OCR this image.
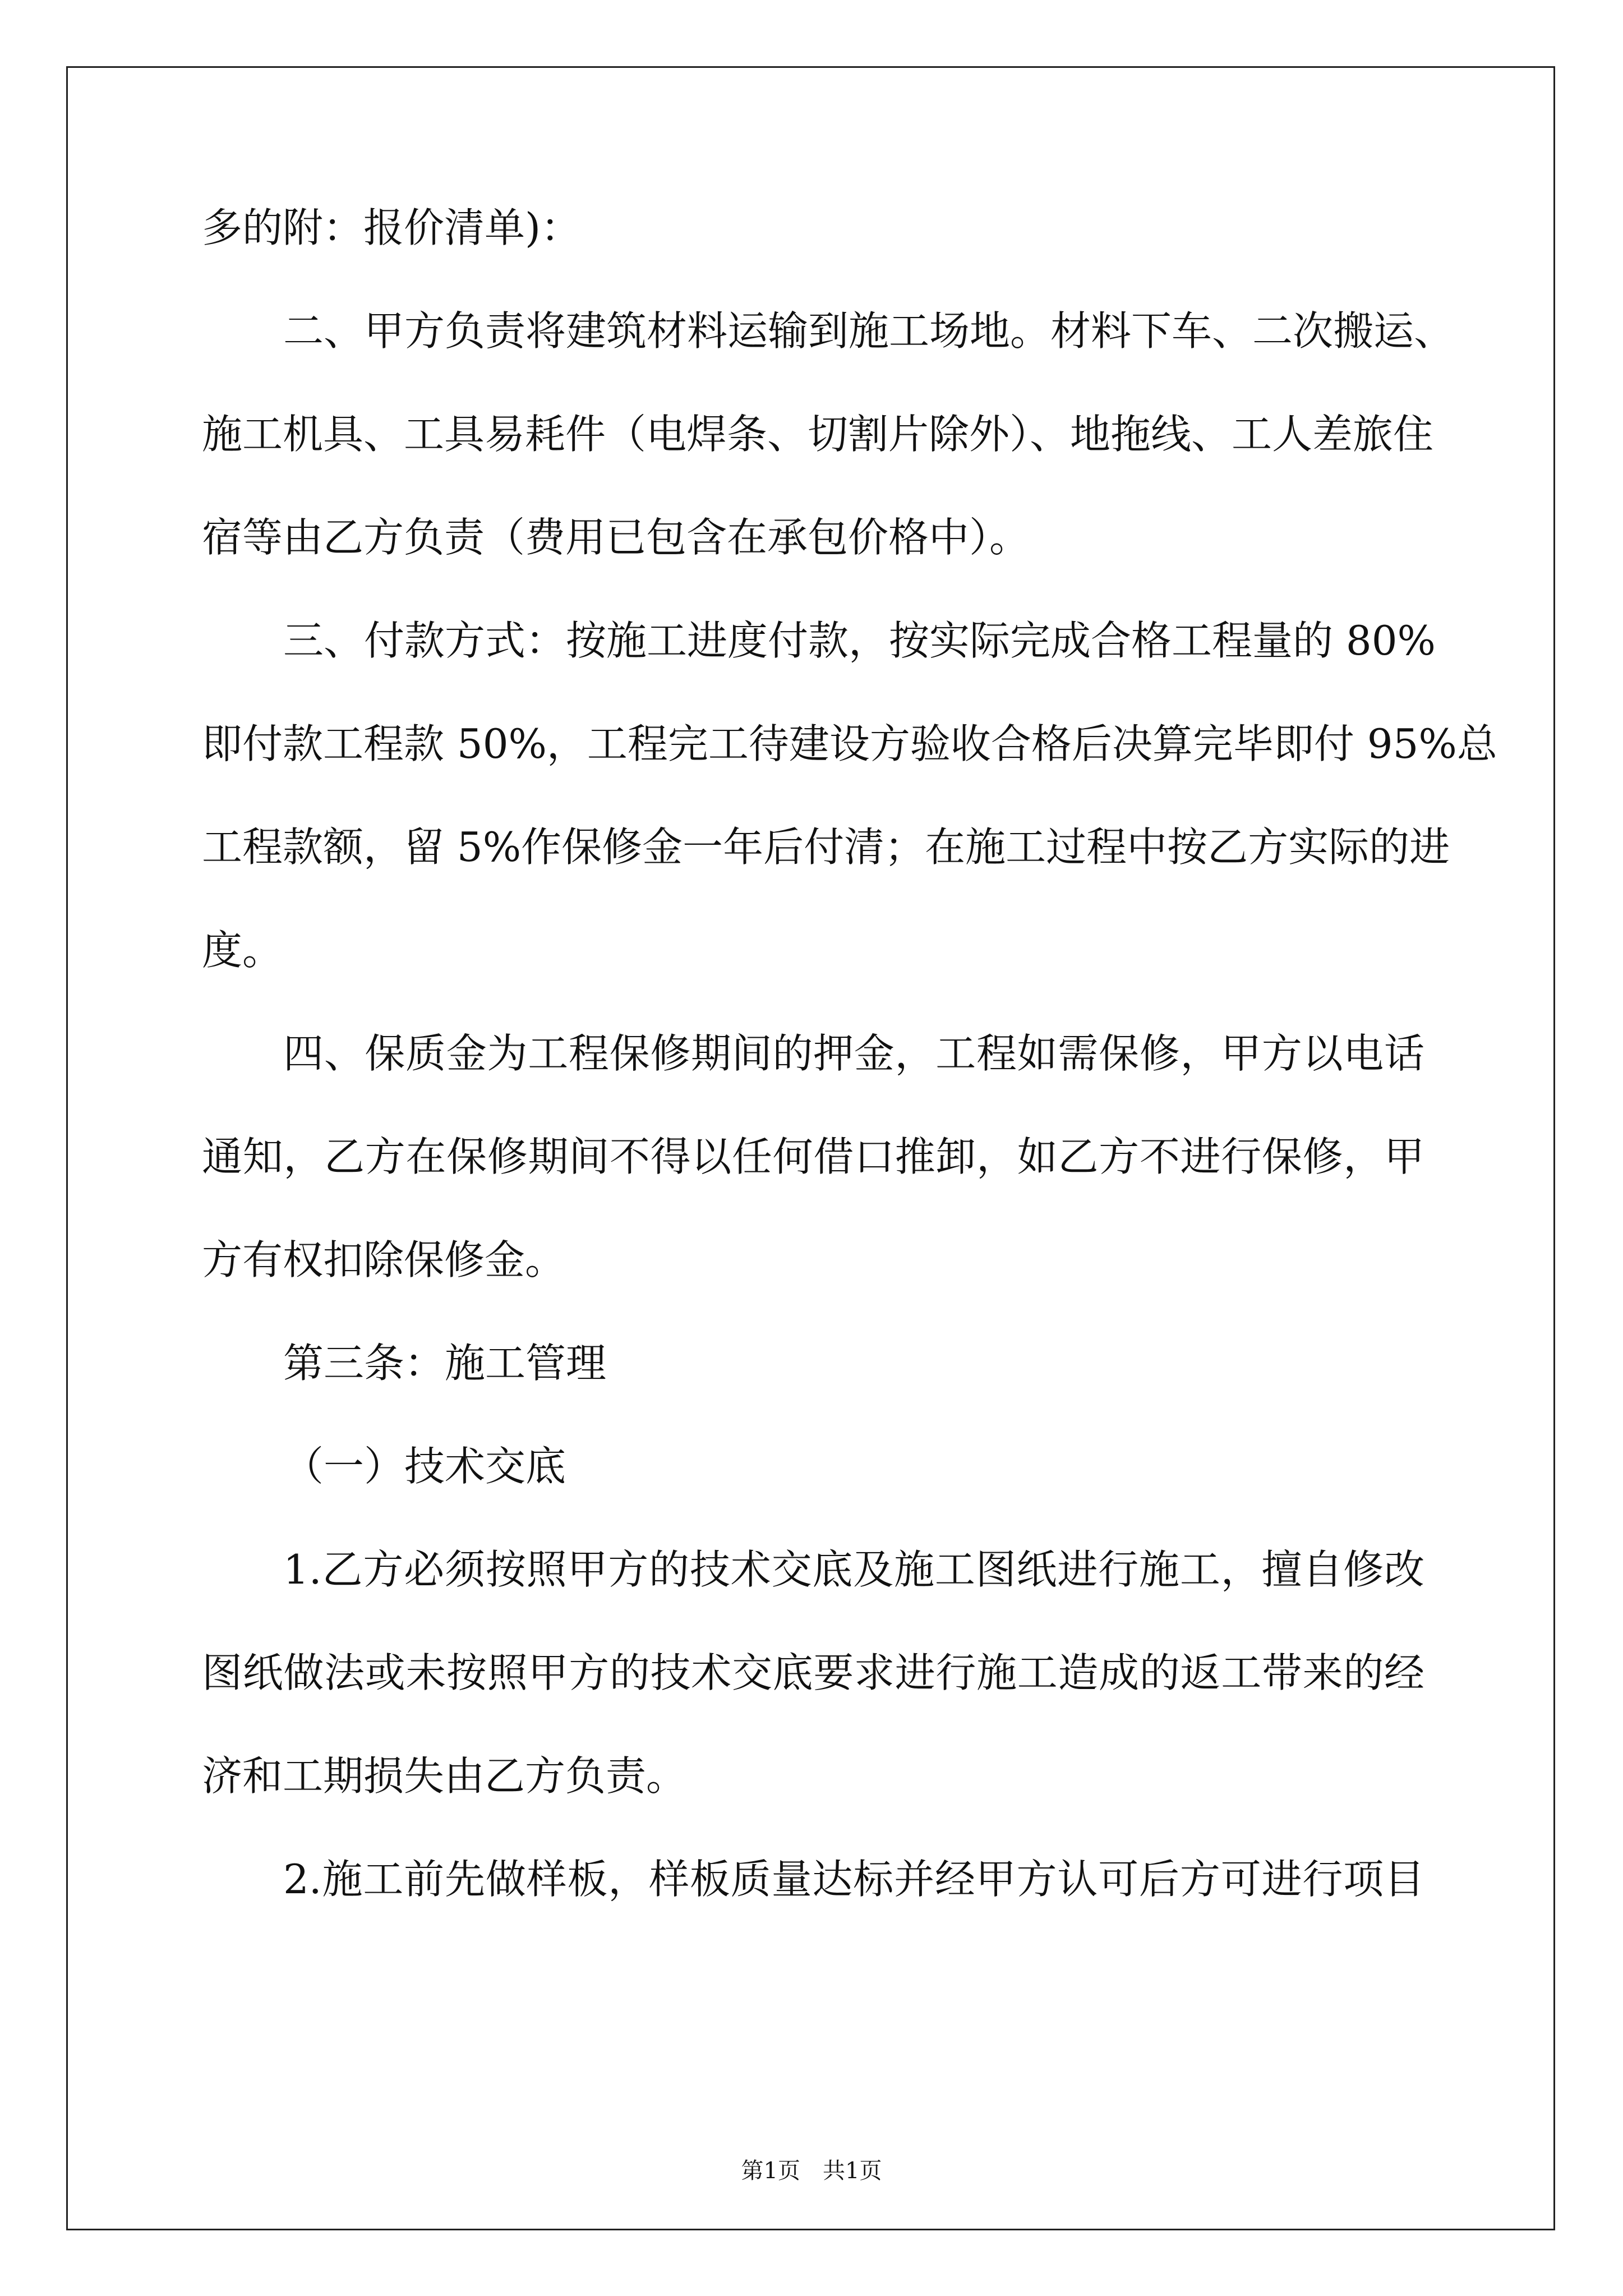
多的附：报价清单)：
二、甲方负责将建筑材料运输到施工场地。材料下车、二次搬运、
施工机具、工具易耗件（电焊条、切割片除外）、地拖线、工人差旅住
宿等由乙方负责（费用已包含在承包价格中）。
三、付款方式：按施工进度付款，按实际完成合格工程量的 80%
即付款工程款 50%，工程完工待建设方验收合格后决算完毕即付 95%总
工程款额，留 5%作保修金一年后付清；在施工过程中按乙方实际的进
度。
四、保质金为工程保修期间的押金，工程如需保修，甲方以电话
通知，乙方在保修期间不得以任何借口推卸，如乙方不进行保修，甲
方有权扣除保修金。
第三条：施工管理
（一）技术交底
1.乙方必须按照甲方的技术交底及施工图纸进行施工，擅自修改
图纸做法或未按照甲方的技术交底要求进行施工造成的返工带来的经
济和工期损失由乙方负责。
2.施工前先做样板，样板质量达标并经甲方认可后方可进行项目
第1页　共1页
